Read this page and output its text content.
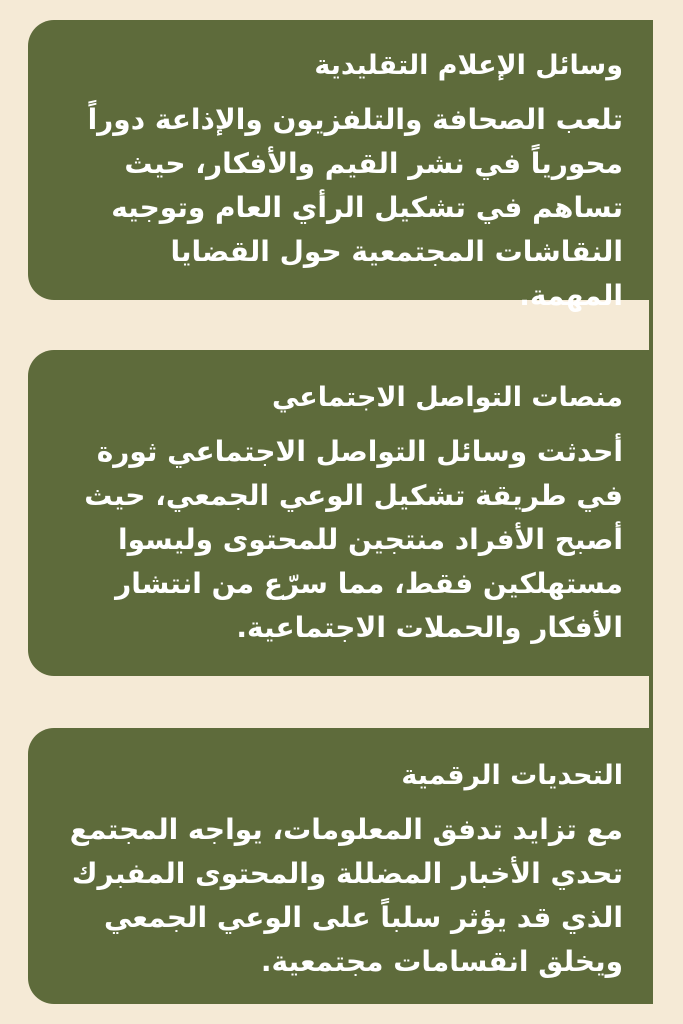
وسائل الإعلام التقليدية

تلعب الصحافة والتلفزيون والإذاعة دوراً محورياً في نشر القيم والأفكار، حيث تساهم في تشكيل الرأي العام وتوجيه النقاشات المجتمعية حول القضايا المهمة.

منصات التواصل الاجتماعي

أحدثت وسائل التواصل الاجتماعي ثورة في طريقة تشكيل الوعي الجمعي، حيث أصبح الأفراد منتجين للمحتوى وليسوا مستهلكين فقط، مما سرّع من انتشار الأفكار والحملات الاجتماعية.

التحديات الرقمية

مع تزايد تدفق المعلومات، يواجه المجتمع تحدي الأخبار المضللة والمحتوى المفبرك الذي قد يؤثر سلباً على الوعي الجمعي ويخلق انقسامات مجتمعية.
